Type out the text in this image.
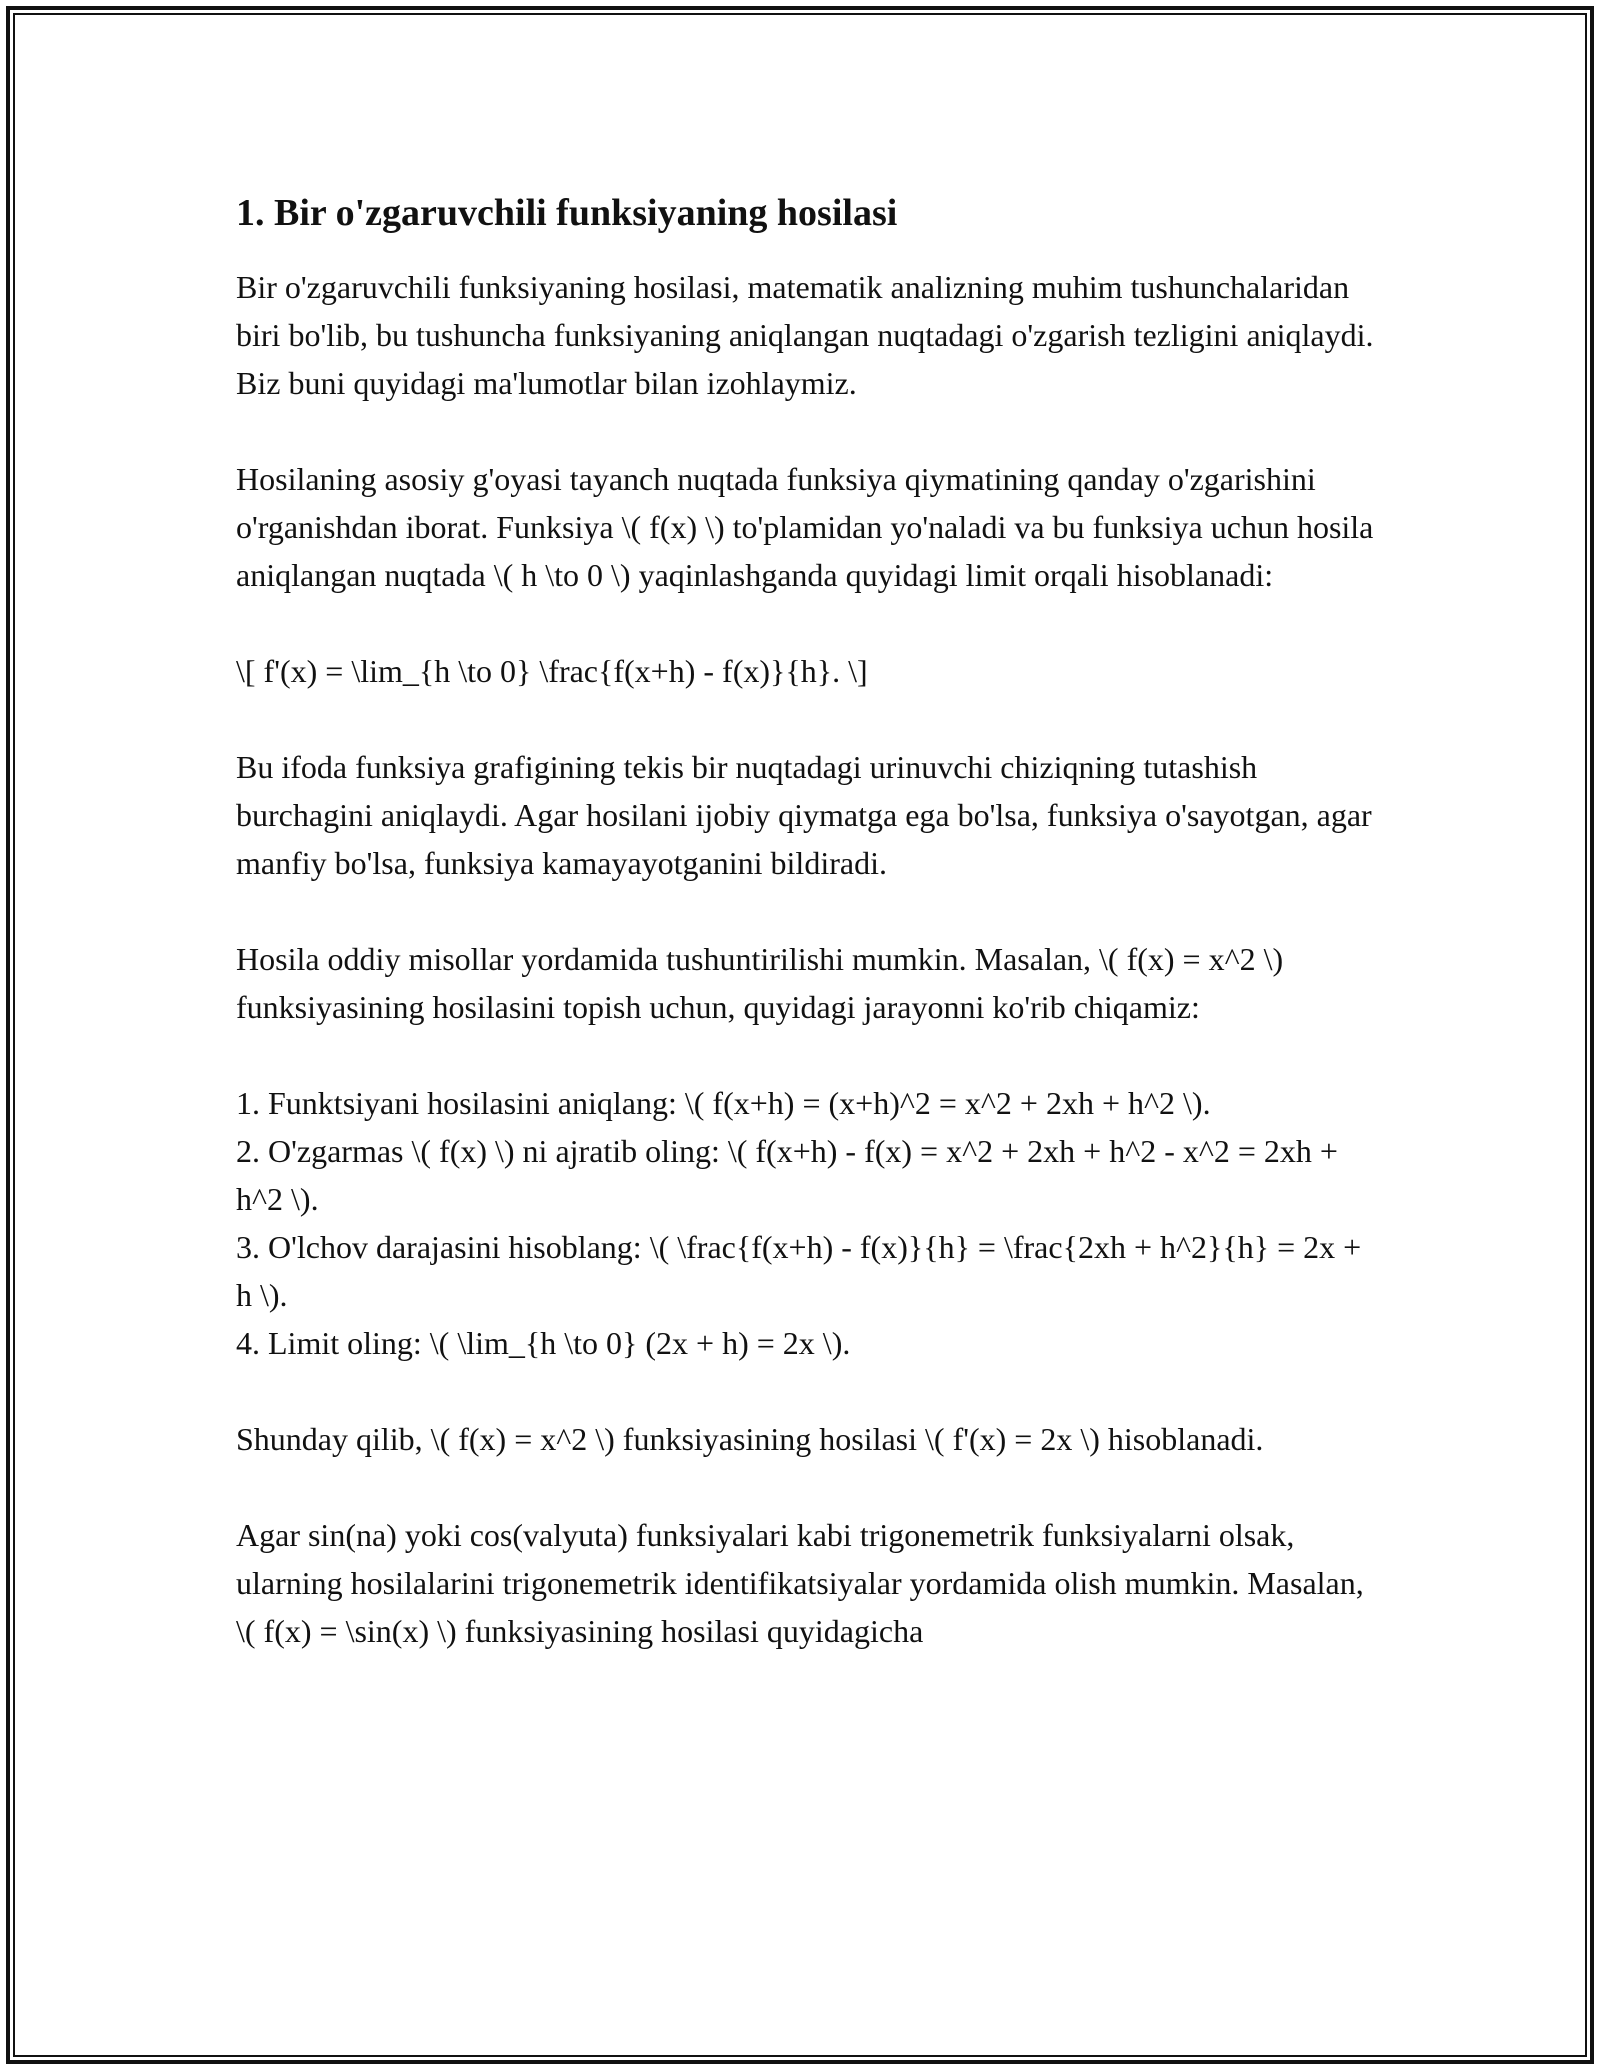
1. Bir o'zgaruvchili funksiyaning hosilasi

Bir o'zgaruvchili funksiyaning hosilasi, matematik analizning muhim tushunchalaridan biri bo'lib, bu tushuncha funksiyaning aniqlangan nuqtadagi o'zgarish tezligini aniqlaydi. Biz buni quyidagi ma'lumotlar bilan izohlaymiz.

Hosilaning asosiy g'oyasi tayanch nuqtada funksiya qiymatining qanday o'zgarishini o'rganishdan iborat. Funksiya \( f(x) \) to'plamidan yo'naladi va bu funksiya uchun hosila aniqlangan nuqtada \( h \to 0 \) yaqinlashganda quyidagi limit orqali hisoblanadi:

\[ f'(x) = \lim_{h \to 0} \frac{f(x+h) - f(x)}{h}. \]

Bu ifoda funksiya grafigining tekis bir nuqtadagi urinuvchi chiziqning tutashish burchagini aniqlaydi. Agar hosilani ijobiy qiymatga ega bo'lsa, funksiya o'sayotgan, agar manfiy bo'lsa, funksiya kamayayotganini bildiradi.

Hosila oddiy misollar yordamida tushuntirilishi mumkin. Masalan, \( f(x) = x^2 \) funksiyasining hosilasini topish uchun, quyidagi jarayonni ko'rib chiqamiz:

1. Funktsiyani hosilasini aniqlang: \( f(x+h) = (x+h)^2 = x^2 + 2xh + h^2 \).
2. O'zgarmas \( f(x) \) ni ajratib oling: \( f(x+h) - f(x) = x^2 + 2xh + h^2 - x^2 = 2xh + h^2 \).
3. O'lchov darajasini hisoblang: \( \frac{f(x+h) - f(x)}{h} = \frac{2xh + h^2}{h} = 2x + h \).
4. Limit oling: \( \lim_{h \to 0} (2x + h) = 2x \).

Shunday qilib, \( f(x) = x^2 \) funksiyasining hosilasi \( f'(x) = 2x \) hisoblanadi.

Agar sin(na) yoki cos(valyuta) funksiyalari kabi trigonemetrik funksiyalarni olsak, ularning hosilalarini trigonemetrik identifikatsiyalar yordamida olish mumkin. Masalan, \( f(x) = \sin(x) \) funksiyasining hosilasi quyidagicha
